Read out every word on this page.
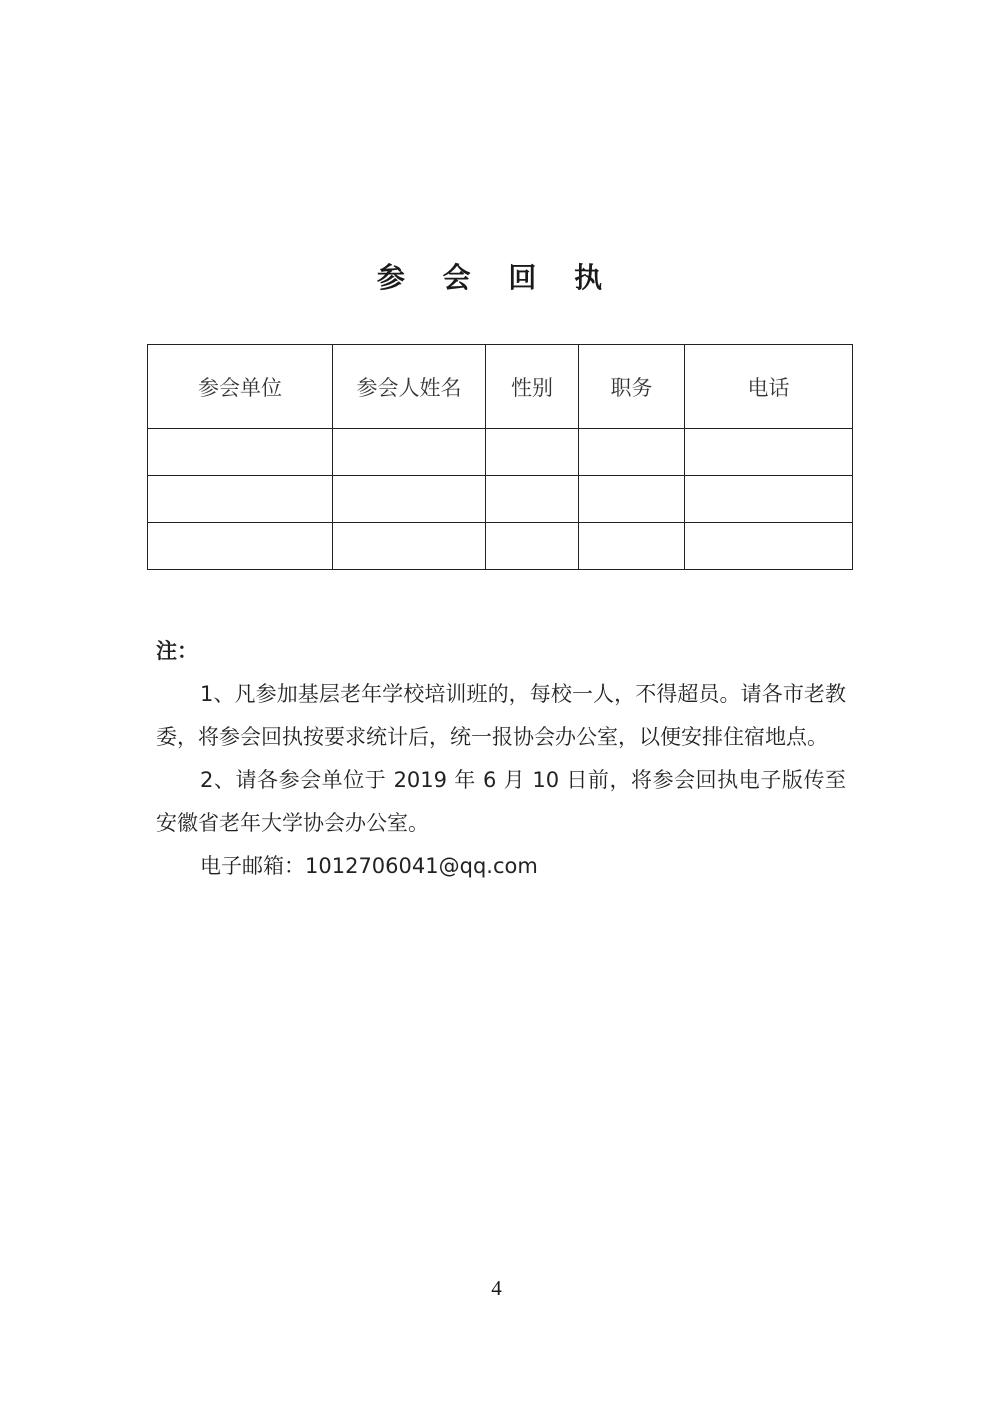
参 会 回 执
参会单位	参会人姓名	性别	职务	电话

注：

1、凡参加基层老年学校培训班的，每校一人，不得超员。请各市老教委，将参会回执按要求统计后，统一报协会办公室，以便安排住宿地点。

2、请各参会单位于 2019 年 6 月 10 日前，将参会回执电子版传至安徽省老年大学协会办公室。

电子邮箱：1012706041@qq.com

4
